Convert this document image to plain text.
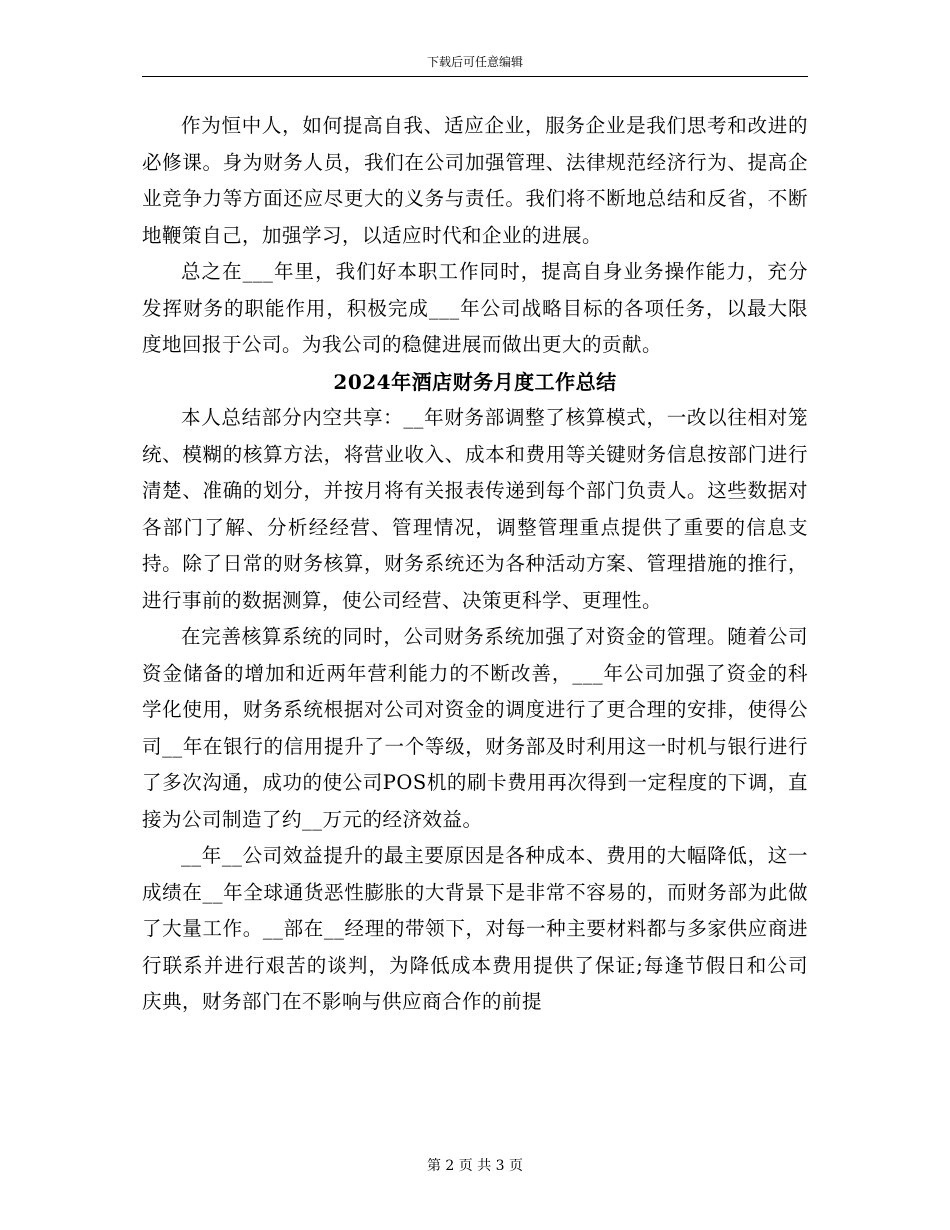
下载后可任意编辑

作为恒中人，如何提高自我、适应企业，服务企业是我们思考和改进的必修课。身为财务人员，我们在公司加强管理、法律规范经济行为、提高企业竞争力等方面还应尽更大的义务与责任。我们将不断地总结和反省，不断地鞭策自己，加强学习，以适应时代和企业的进展。

总之在___年里，我们好本职工作同时，提高自身业务操作能力，充分发挥财务的职能作用，积极完成___年公司战略目标的各项任务，以最大限度地回报于公司。为我公司的稳健进展而做出更大的贡献。

2024年酒店财务月度工作总结

本人总结部分内空共享：__年财务部调整了核算模式，一改以往相对笼统、模糊的核算方法，将营业收入、成本和费用等关键财务信息按部门进行清楚、准确的划分，并按月将有关报表传递到每个部门负责人。这些数据对各部门了解、分析经经营、管理情况，调整管理重点提供了重要的信息支持。除了日常的财务核算，财务系统还为各种活动方案、管理措施的推行，进行事前的数据测算，使公司经营、决策更科学、更理性。

在完善核算系统的同时，公司财务系统加强了对资金的管理。随着公司资金储备的增加和近两年营利能力的不断改善，___年公司加强了资金的科学化使用，财务系统根据对公司对资金的调度进行了更合理的安排，使得公司__年在银行的信用提升了一个等级，财务部及时利用这一时机与银行进行了多次沟通，成功的使公司POS机的刷卡费用再次得到一定程度的下调，直接为公司制造了约__万元的经济效益。

__年__公司效益提升的最主要原因是各种成本、费用的大幅降低，这一成绩在__年全球通货恶性膨胀的大背景下是非常不容易的，而财务部为此做了大量工作。__部在__经理的带领下，对每一种主要材料都与多家供应商进行联系并进行艰苦的谈判，为降低成本费用提供了保证;每逢节假日和公司庆典，财务部门在不影响与供应商合作的前提

第 2 页 共 3 页
